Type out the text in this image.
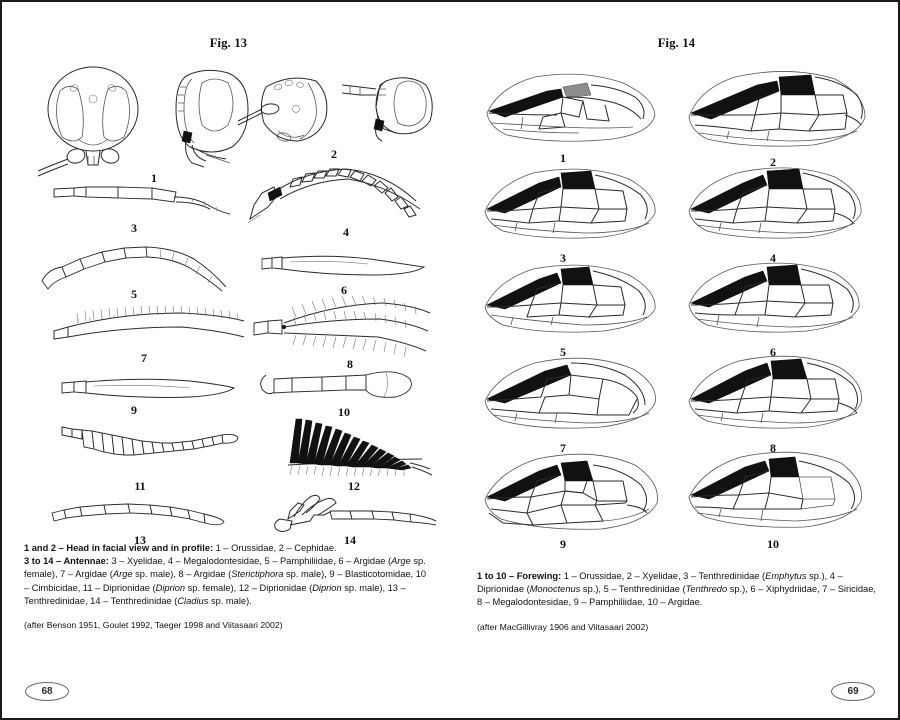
Fig. 13
1
2
3	4
5	6
7	8
9	10
11	12
13	14

1 and 2 – Head in facial view and in profile: 1 – Orussidae, 2 – Cephidae.

3 to 14 – Antennae: 3 – Xyelidae, 4 – Megalodontesidae, 5 – Pamphiliidae, 6 – Argidae (Arge sp. female), 7 – Argidae (Arge sp. male), 8 – Argidae (Sterictiphora sp. male), 9 – Blasticotomidae, 10 – Cimbicidae, 11 – Diprionidae (Diprion sp. female), 12 – Diprionidae (Diprion sp. male), 13 – Tenthredinidae, 14 – Tenthredinidae (Cladius sp. male).

(after Benson 1951, Goulet 1992, Taeger 1998 and Viitasaari 2002)

68
Fig. 14
1	2
3	4
5	6
7	8
9	10

1 to 10 – Forewing: 1 – Orussidae, 2 – Xyelidae, 3 – Tenthredinidae (Emphytus sp.), 4 – Diprionidae (Monoctenus sp.), 5 – Tenthredinidae (Tenthredo sp.), 6 – Xiphydriidae, 7 – Siricidae, 8 – Megalodontesidae, 9 – Pamphiliidae, 10 – Argidae.

(after MacGillivray 1906 and Viitasaari 2002)

69
